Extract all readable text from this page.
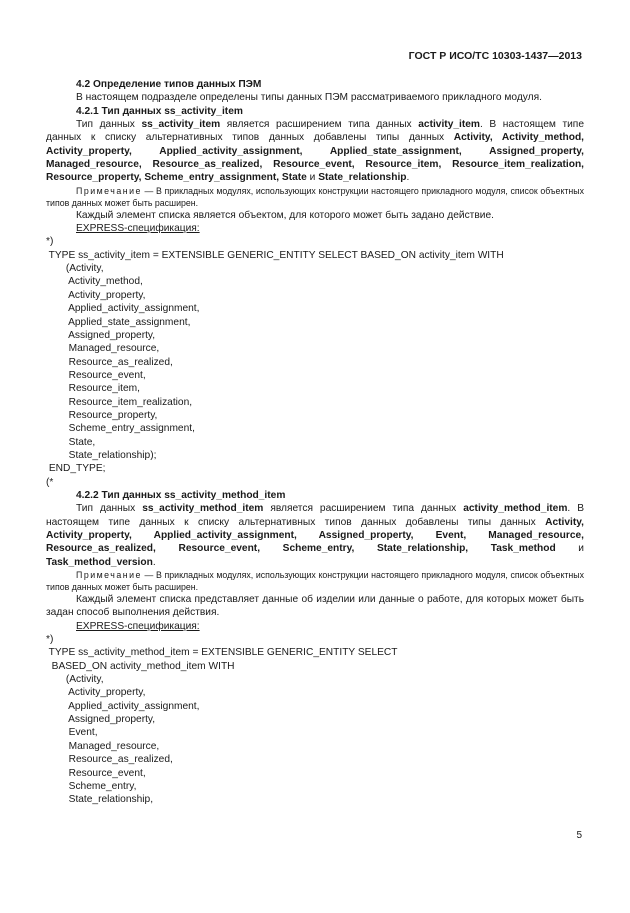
ГОСТ Р ИСО/ТС 10303-1437—2013

4.2 Определение типов данных ПЭМ

В настоящем подразделе определены типы данных ПЭМ рассматриваемого прикладного модуля.

4.2.1 Тип данных ss_activity_item

Тип данных ss_activity_item является расширением типа данных activity_item. В настоящем типе данных к списку альтернативных типов данных добавлены типы данных Activity, Activity_method, Activity_property, Applied_activity_assignment, Applied_state_assignment, Assigned_property, Managed_resource, Resource_as_realized, Resource_event, Resource_item, Resource_item_realization, Resource_property, Scheme_entry_assignment, State и State_relationship.

Примечание — В прикладных модулях, использующих конструкции настоящего прикладного модуля, список объектных типов данных может быть расширен.

Каждый элемент списка является объектом, для которого может быть задано действие.

EXPRESS-спецификация:

*)
TYPE ss_activity_item = EXTENSIBLE GENERIC_ENTITY SELECT BASED_ON activity_item WITH
(Activity,
Activity_method,
Activity_property,
Applied_activity_assignment,
Applied_state_assignment,
Assigned_property,
Managed_resource,
Resource_as_realized,
Resource_event,
Resource_item,
Resource_item_realization,
Resource_property,
Scheme_entry_assignment,
State,
State_relationship);
END_TYPE;
(*

4.2.2 Тип данных ss_activity_method_item

Тип данных ss_activity_method_item является расширением типа данных activity_method_item. В настоящем типе данных к списку альтернативных типов данных добавлены типы данных Activity, Activity_property, Applied_activity_assignment, Assigned_property, Event, Managed_resource, Resource_as_realized, Resource_event, Scheme_entry, State_relationship, Task_method и Task_method_version.

Примечание — В прикладных модулях, использующих конструкции настоящего прикладного модуля, список объектных типов данных может быть расширен.

Каждый элемент списка представляет данные об изделии или данные о работе, для которых может быть задан способ выполнения действия.

EXPRESS-спецификация:

*)
TYPE ss_activity_method_item = EXTENSIBLE GENERIC_ENTITY SELECT
BASED_ON activity_method_item WITH
(Activity,
Activity_property,
Applied_activity_assignment,
Assigned_property,
Event,
Managed_resource,
Resource_as_realized,
Resource_event,
Scheme_entry,
State_relationship,
5
